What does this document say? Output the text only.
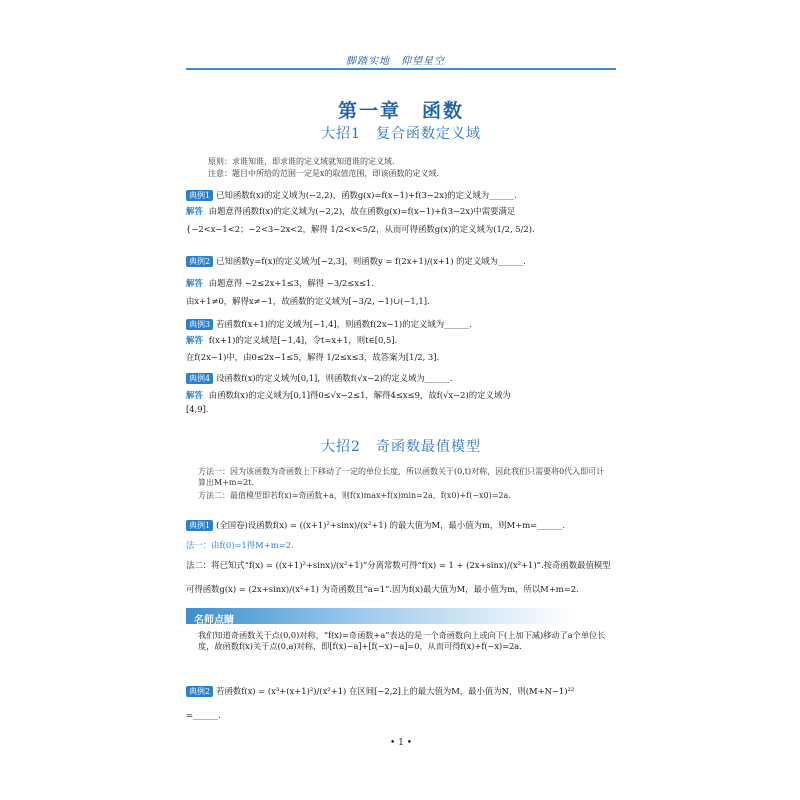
脚踏实地　仰望星空
第一章　函数
大招1　复合函数定义域
原则：求谁知谁，即求谁的定义域就知道谁的定义域.
注意：题目中所给的范围一定是x的取值范围，即该函数的定义域.
典例1 已知函数f(x)的定义域为(−2,2)，函数g(x)=f(x−1)+f(3−2x)的定义域为______.
解答 由题意得函数f(x)的定义域为(−2,2)，故在函数g(x)=f(x−1)+f(3−2x)中需要满足
{−2<x−1<2；−2<3−2x<2，解得 1/2<x<5/2，从而可得函数g(x)的定义域为(1/2, 5/2).
典例2 已知函数y=f(x)的定义域为[−2,3]，则函数y = f(2x+1)/(x+1) 的定义域为______.
解答 由题意得 −2≤2x+1≤3，解得 −3/2≤x≤1.
由x+1≠0，解得x≠−1，故函数的定义域为[−3/2, −1)∪(−1,1].
典例3 若函数f(x+1)的定义域为[−1,4]，则函数f(2x−1)的定义域为______.
解答 f(x+1)的定义域是[−1,4]，令t=x+1，则t∈[0,5].
在f(2x−1)中，由0≤2x−1≤5，解得 1/2≤x≤3，故答案为[1/2, 3].
典例4 设函数f(x)的定义域为[0,1]，则函数f(√x−2)的定义域为______.
解答 由函数f(x)的定义域为[0,1]得0≤√x−2≤1，解得4≤x≤9，故f(√x−2)的定义域为
[4,9].
大招2　奇函数最值模型
方法一：因为该函数为奇函数上下移动了一定的单位长度，所以函数关于(0,t)对称，因此我们只需要将0代入即可计算出M+m=2t.
方法二：最值模型即若f(x)=奇函数+a，则f(x)max+f(x)min=2a，f(x0)+f(−x0)=2a.
典例1 (全国卷)设函数f(x) = ((x+1)²+sinx)/(x²+1) 的最大值为M，最小值为m，则M+m=______.
法一：由f(0)=1得M+m=2.
法二：将已知式“f(x) = ((x+1)²+sinx)/(x²+1)”分离常数可得“f(x) = 1 + (2x+sinx)/(x²+1)”.按奇函数最值模型
可得函数g(x) = (2x+sinx)/(x²+1) 为奇函数且“a=1”.因为f(x)最大值为M，最小值为m，所以M+m=2.
名师点睛
我们知道奇函数关于点(0,0)对称，“f(x)=奇函数+a”表达的是一个奇函数向上或向下(上加下减)移动了a个单位长度，故函数f(x)关于点(0,a)对称，即[f(x)−a]+[f(−x)−a]=0，从而可得f(x)+f(−x)=2a.
典例2 若函数f(x) = (x³+(x+1)²)/(x²+1) 在区间[−2,2]上的最大值为M，最小值为N，则(M+N−1)²²
=______.
• 1 •
